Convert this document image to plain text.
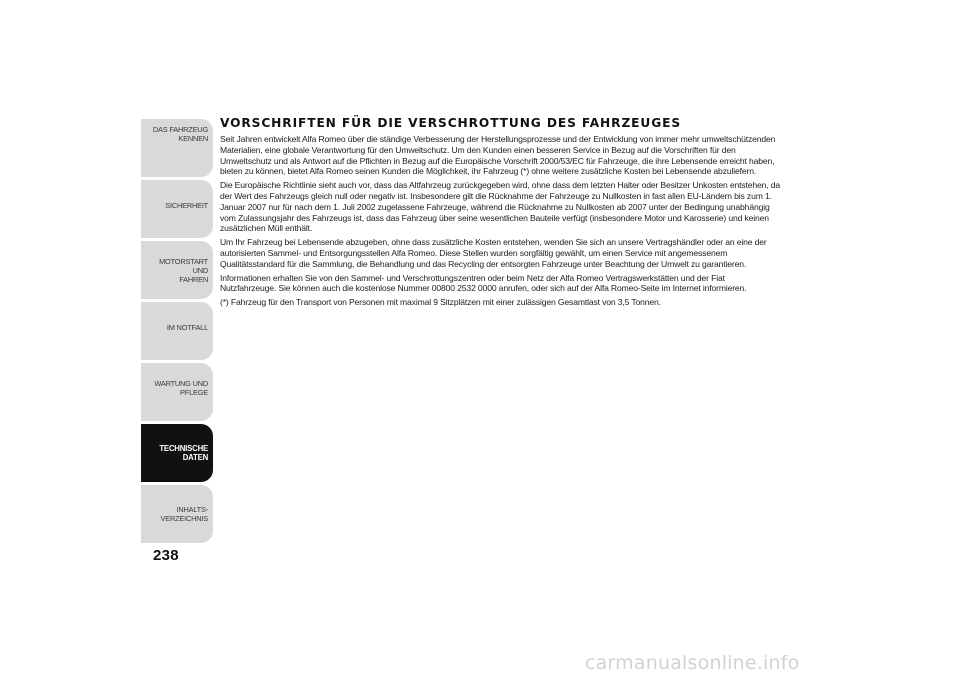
DAS FAHRZEUG
KENNEN
SICHERHEIT
MOTORSTART UND
FAHREN
IM NOTFALL
WARTUNG UND
PFLEGE
TECHNISCHE
DATEN
INHALTS-
VERZEICHNIS
238
VORSCHRIFTEN FÜR DIE VERSCHROTTUNG DES FAHRZEUGES

Seit Jahren entwickelt Alfa Romeo über die ständige Verbesserung der Herstellungsprozesse und der Entwicklung von immer mehr umweltschützenden Materialien, eine globale Verantwortung für den Umweltschutz. Um den Kunden einen besseren Service in Bezug auf die Vorschriften für den Umweltschutz und als Antwort auf die Pflichten in Bezug auf die Europäische Vorschrift 2000/53/EC für Fahrzeuge, die ihre Lebensende erreicht haben, bieten zu können, bietet Alfa Romeo seinen Kunden die Möglichkeit, ihr Fahrzeug (*) ohne weitere zusätzliche Kosten bei Lebensende abzuliefern.

Die Europäische Richtlinie sieht auch vor, dass das Altfahrzeug zurückgegeben wird, ohne dass dem letzten Halter oder Besitzer Unkosten entstehen, da der Wert des Fahrzeugs gleich null oder negativ ist. Insbesondere gilt die Rücknahme der Fahrzeuge zu Nullkosten in fast allen EU-Ländern bis zum 1. Januar 2007 nur für nach dem 1. Juli 2002 zugelassene Fahrzeuge, während die Rücknahme zu Nullkosten ab 2007 unter der Bedingung unabhängig vom Zulassungsjahr des Fahrzeugs ist, dass das Fahrzeug über seine wesentlichen Bauteile verfügt (insbesondere Motor und Karosserie) und keinen zusätzlichen Müll enthält.

Um Ihr Fahrzeug bei Lebensende abzugeben, ohne dass zusätzliche Kosten entstehen, wenden Sie sich an unsere Vertragshändler oder an eine der autorisierten Sammel- und Entsorgungsstellen Alfa Romeo. Diese Stellen wurden sorgfältig gewählt, um einen Service mit angemessenem Qualitätsstandard für die Sammlung, die Behandlung und das Recycling der entsorgten Fahrzeuge unter Beachtung der Umwelt zu garantieren.

Informationen erhalten Sie von den Sammel- und Verschrottungszentren oder beim Netz der Alfa Romeo Vertragswerkstätten und der Fiat Nutzfahrzeuge. Sie können auch die kostenlose Nummer 00800 2532 0000 anrufen, oder sich auf der Alfa Romeo-Seite im Internet informieren.

(*) Fahrzeug für den Transport von Personen mit maximal 9 Sitzplätzen mit einer zulässigen Gesamtlast von 3,5 Tonnen.

carmanualsonline.info
